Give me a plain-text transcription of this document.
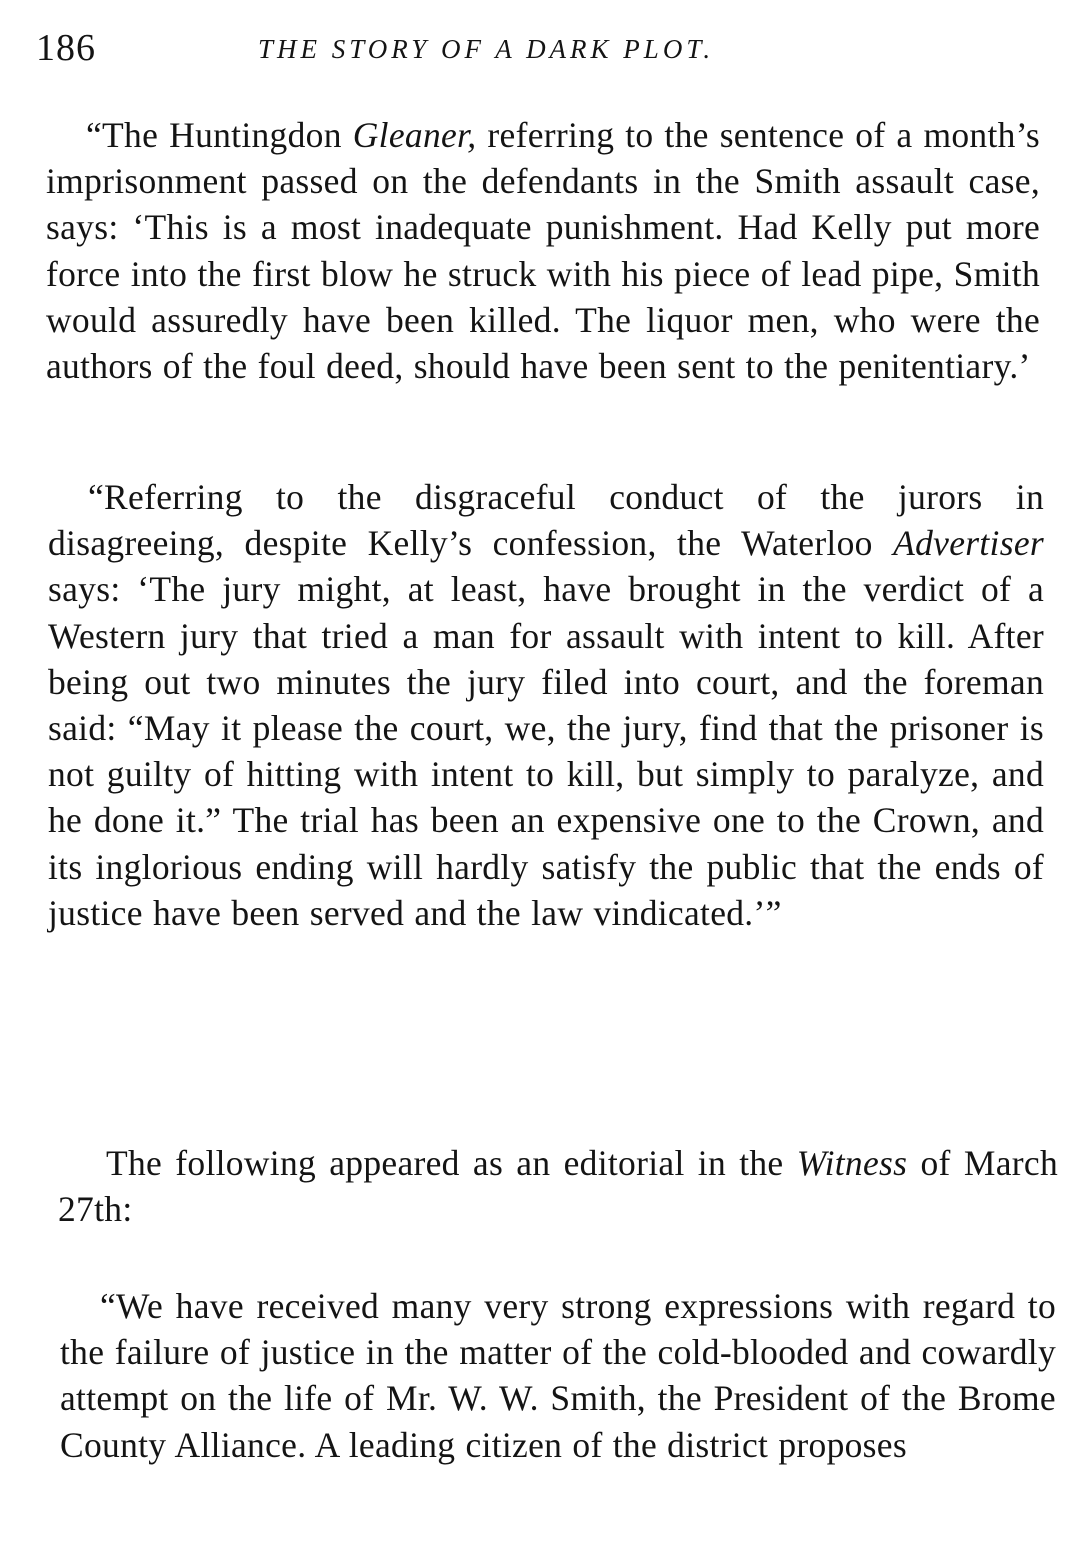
186	THE STORY OF A DARK PLOT.

“The Huntingdon Gleaner, referring to the sentence of a month’s imprisonment passed on the defendants in the Smith assault case, says: ‘This is a most inadequate punishment. Had Kelly put more force into the first blow he struck with his piece of lead pipe, Smith would assuredly have been killed. The liquor men, who were the authors of the foul deed, should have been sent to the penitentiary.’

“Referring to the disgraceful conduct of the jurors in disagreeing, despite Kelly’s confession, the Waterloo Advertiser says: ‘The jury might, at least, have brought in the verdict of a Western jury that tried a man for assault with intent to kill. After being out two minutes the jury filed into court, and the foreman said: “May it please the court, we, the jury, find that the prisoner is not guilty of hitting with intent to kill, but simply to paralyze, and he done it.” The trial has been an expensive one to the Crown, and its inglorious ending will hardly satisfy the public that the ends of justice have been served and the law vindicated.’”

The following appeared as an editorial in the Witness of March 27th:

“We have received many very strong expressions with regard to the failure of justice in the matter of the cold-blooded and cowardly attempt on the life of Mr. W. W. Smith, the President of the Brome County Alliance. A leading citizen of the district proposes
